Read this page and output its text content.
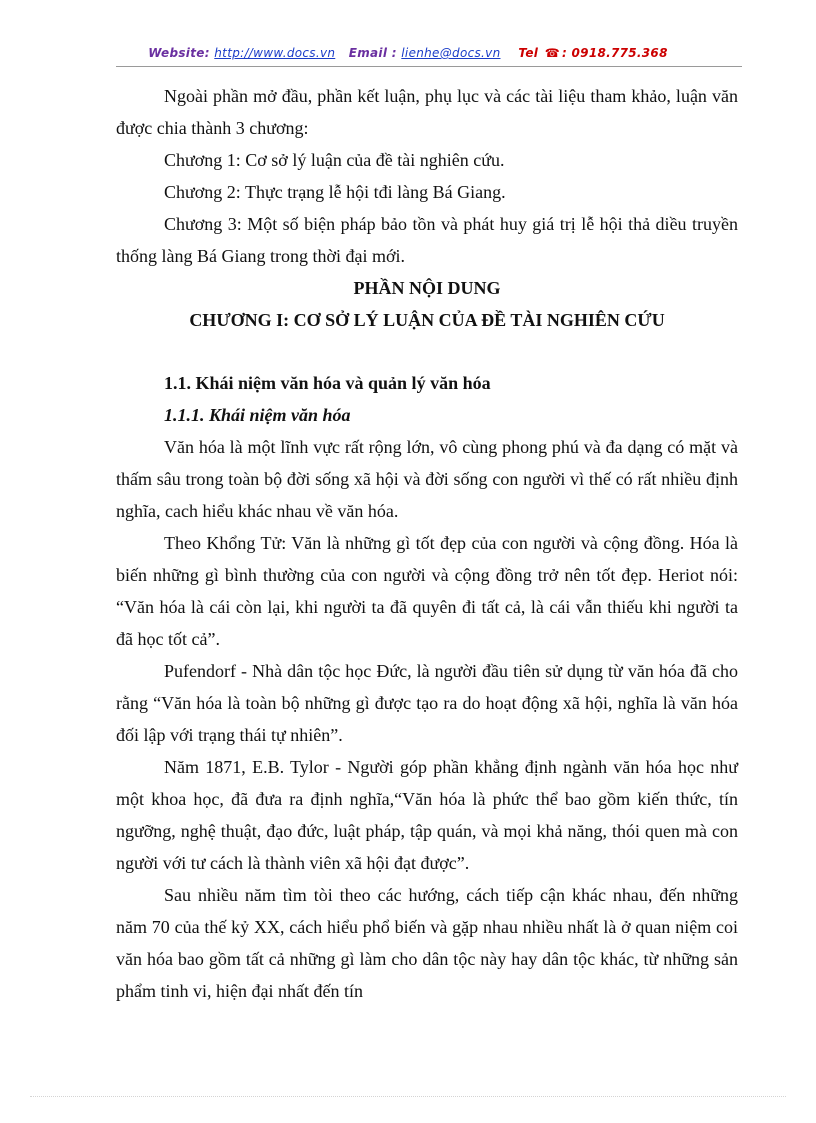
Website: http://www.docs.vn Email : lienhe@docs.vn Tel ☎ : 0918.775.368

Ngoài phần mở đầu, phần kết luận, phụ lục và các tài liệu tham khảo, luận văn được chia thành 3 chương:

Chương 1: Cơ sở lý luận của đề tài nghiên cứu.

Chương 2: Thực trạng lễ hội tđi làng Bá Giang.

Chương 3: Một số biện pháp bảo tồn và phát huy giá trị lễ hội thả diều truyền thống làng Bá Giang trong thời đại mới.

PHẦN NỘI DUNG

CHƯƠNG I: CƠ SỞ LÝ LUẬN CỦA ĐỀ TÀI NGHIÊN CỨU

1.1. Khái niệm văn hóa và quản lý văn hóa

1.1.1. Khái niệm văn hóa

Văn hóa là một lĩnh vực rất rộng lớn, vô cùng phong phú và đa dạng có mặt và thấm sâu trong toàn bộ đời sống xã hội và đời sống con người vì thế có rất nhiều định nghĩa, cach hiểu khác nhau về văn hóa.

Theo Khổng Tử: Văn là những gì tốt đẹp của con người và cộng đồng. Hóa là biến những gì bình thường của con người và cộng đồng trở nên tốt đẹp. Heriot nói: “Văn hóa là cái còn lại, khi người ta đã quyên đi tất cả, là cái vẫn thiếu khi người ta đã học tốt cả”.

Pufendorf - Nhà dân tộc học Đức, là người đầu tiên sử dụng từ văn hóa đã cho rằng “Văn hóa là toàn bộ những gì được tạo ra do hoạt động xã hội, nghĩa là văn hóa đối lập với trạng thái tự nhiên”.

Năm 1871, E.B. Tylor - Người góp phần khẳng định ngành văn hóa học như một khoa học, đã đưa ra định nghĩa,“Văn hóa là phức thể bao gồm kiến thức, tín ngưỡng, nghệ thuật, đạo đức, luật pháp, tập quán, và mọi khả năng, thói quen mà con người với tư cách là thành viên xã hội đạt được”.

Sau nhiều năm tìm tòi theo các hướng, cách tiếp cận khác nhau, đến những năm 70 của thế kỷ XX, cách hiểu phổ biến và gặp nhau nhiều nhất là ở quan niệm coi văn hóa bao gồm tất cả những gì làm cho dân tộc này hay dân tộc khác, từ những sản phẩm tinh vi, hiện đại nhất đến tín
